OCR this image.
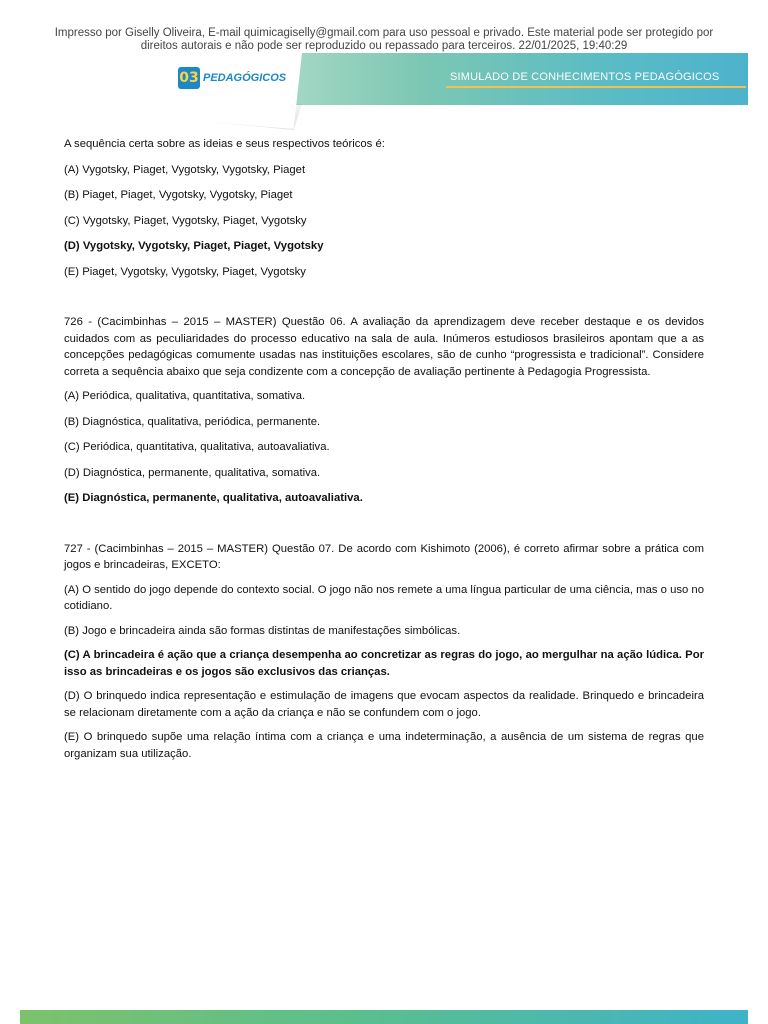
Impresso por Giselly Oliveira, E-mail quimicagiselly@gmail.com para uso pessoal e privado. Este material pode ser protegido por
direitos autorais e não pode ser reproduzido ou repassado para terceiros. 22/01/2025, 19:40:29
03 PEDAGÓGICOS	SIMULADO DE CONHECIMENTOS PEDAGÓGICOS

A sequência certa sobre as ideias e seus respectivos teóricos é:

(A) Vygotsky, Piaget, Vygotsky, Vygotsky, Piaget

(B) Piaget, Piaget, Vygotsky, Vygotsky, Piaget

(C) Vygotsky, Piaget, Vygotsky, Piaget, Vygotsky

(D) Vygotsky, Vygotsky, Piaget, Piaget, Vygotsky

(E) Piaget, Vygotsky, Vygotsky, Piaget, Vygotsky

726 - (Cacimbinhas – 2015 – MASTER) Questão 06. A avaliação da aprendizagem deve receber destaque e os devidos cuidados com as peculiaridades do processo educativo na sala de aula. Inúmeros estudiosos brasileiros apontam que a as concepções pedagógicas comumente usadas nas instituições escolares, são de cunho “progressista e tradicional”. Considere correta a sequência abaixo que seja condizente com a concepção de avaliação pertinente à Pedagogia Progressista.

(A) Periódica, qualitativa, quantitativa, somativa.

(B) Diagnóstica, qualitativa, periódica, permanente.

(C) Periódica, quantitativa, qualitativa, autoavaliativa.

(D) Diagnóstica, permanente, qualitativa, somativa.

(E) Diagnóstica, permanente, qualitativa, autoavaliativa.

727 - (Cacimbinhas – 2015 – MASTER) Questão 07. De acordo com Kishimoto (2006), é correto afirmar sobre a prática com jogos e brincadeiras, EXCETO:

(A) O sentido do jogo depende do contexto social. O jogo não nos remete a uma língua particular de uma ciência, mas o uso no cotidiano.

(B) Jogo e brincadeira ainda são formas distintas de manifestações simbólicas.

(C) A brincadeira é ação que a criança desempenha ao concretizar as regras do jogo, ao mergulhar na ação lúdica. Por isso as brincadeiras e os jogos são exclusivos das crianças.

(D) O brinquedo indica representação e estimulação de imagens que evocam aspectos da realidade. Brinquedo e brincadeira se relacionam diretamente com a ação da criança e não se confundem com o jogo.

(E) O brinquedo supõe uma relação íntima com a criança e uma indeterminação, a ausência de um sistema de regras que organizam sua utilização.
